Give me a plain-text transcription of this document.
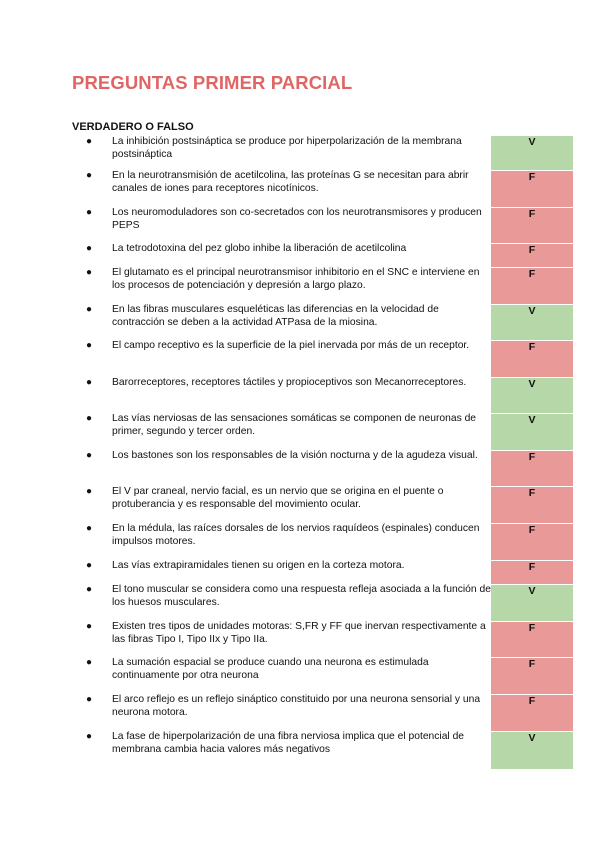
PREGUNTAS PRIMER PARCIAL
VERDADERO O FALSO
●	La inhibición postsináptica se produce por hiperpolarización de la membrana postsináptica	V
●	En la neurotransmisión de acetilcolina, las proteínas G se necesitan para abrir canales de iones para receptores nicotínicos.	F
●	Los neuromoduladores son co-secretados con los neurotransmisores y producen PEPS	F
●	La tetrodotoxina del pez globo inhibe la liberación de acetilcolina	F
●	El glutamato es el principal neurotransmisor inhibitorio en el SNC e interviene en los procesos de potenciación y depresión a largo plazo.	F
●	En las fibras musculares esqueléticas las diferencias en la velocidad de contracción se deben a la actividad ATPasa de la miosina.	V
●	El campo receptivo es la superficie de la piel inervada por más de un receptor.	F
●	Barorreceptores, receptores táctiles y propioceptivos son Mecanorreceptores.	V
●	Las vías nerviosas de las sensaciones somáticas se componen de neuronas de primer, segundo y tercer orden.	V
●	Los bastones son los responsables de la visión nocturna y de la agudeza visual.	F
●	El V par craneal, nervio facial, es un nervio que se origina en el puente o protuberancia y es responsable del movimiento ocular.	F
●	En la médula, las raíces dorsales de los nervios raquídeos (espinales) conducen impulsos motores.	F
●	Las vías extrapiramidales tienen su origen en la corteza motora.	F
●	El tono muscular se considera como una respuesta refleja asociada a la función de los huesos musculares.	V
●	Existen tres tipos de unidades motoras: S,FR y FF que inervan respectivamente a las fibras Tipo I, Tipo IIx y Tipo IIa.	F
●	La sumación espacial se produce cuando una neurona es estimulada continuamente por otra neurona	F
●	El arco reflejo es un reflejo sináptico constituido por una neurona sensorial y una neurona motora.	F
●	La fase de hiperpolarización de una fibra nerviosa implica que el potencial de membrana cambia hacia valores más negativos	V
